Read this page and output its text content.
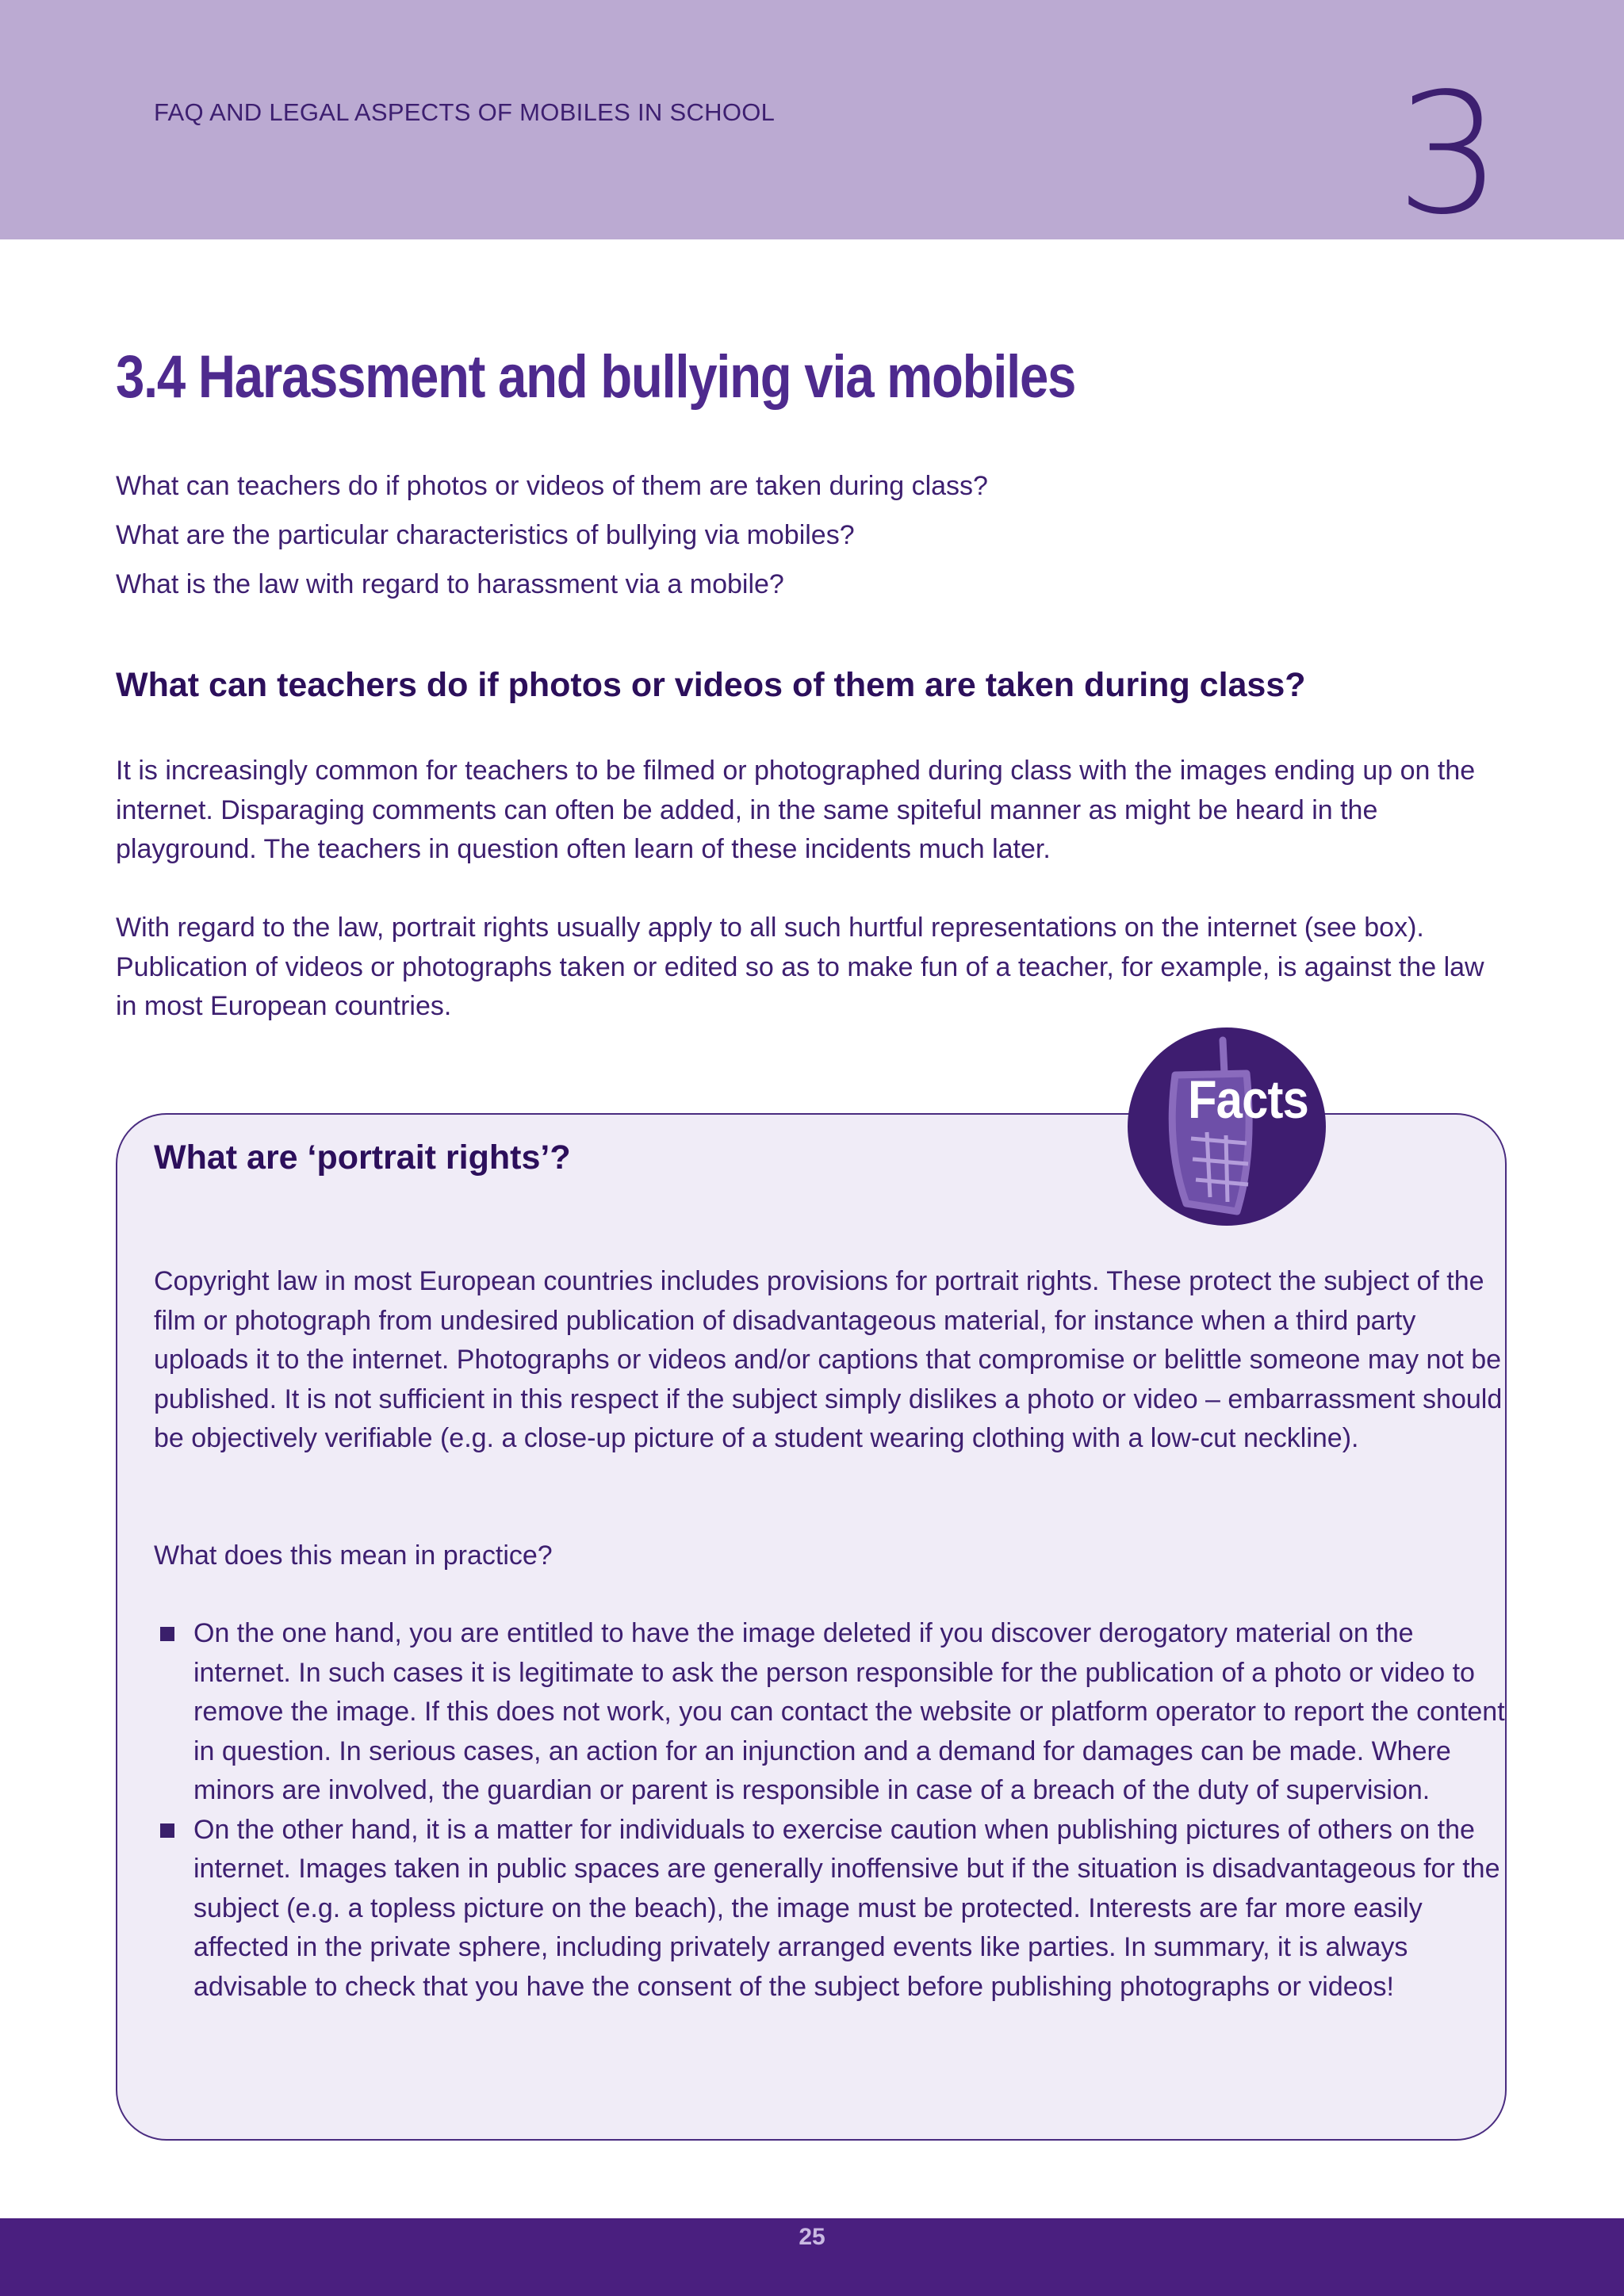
FAQ AND LEGAL ASPECTS OF MOBILES IN SCHOOL	3
3.4 Harassment and bullying via mobiles
What can teachers do if photos or videos of them are taken during class?
What are the particular characteristics of bullying via mobiles?
What is the law with regard to harassment via a mobile?
What can teachers do if photos or videos of them are taken during class?

It is increasingly common for teachers to be filmed or photographed during class with the images ending up on the internet. Disparaging comments can often be added, in the same spiteful manner as might be heard in the playground. The teachers in question often learn of these incidents much later.

With regard to the law, portrait rights usually apply to all such hurtful representations on the internet (see box). Publication of videos or photographs taken or edited so as to make fun of a teacher, for example, is against the law in most European countries.

Facts
What are ‘portrait rights’?

Copyright law in most European countries includes provisions for portrait rights. These protect the subject of the film or photograph from undesired publication of disadvantageous material, for instance when a third party uploads it to the internet. Photographs or videos and/or captions that compromise or belittle someone may not be published. It is not sufficient in this respect if the subject simply dislikes a photo or video – embarrassment should be objectively verifiable (e.g. a close-up picture of a student wearing clothing with a low-cut neckline).

What does this mean in practice?

On the one hand, you are entitled to have the image deleted if you discover derogatory material on the internet. In such cases it is legitimate to ask the person responsible for the publication of a photo or video to remove the image. If this does not work, you can contact the website or platform operator to report the content in question. In serious cases, an action for an injunction and a demand for damages can be made. Where minors are involved, the guardian or parent is responsible in case of a breach of the duty of supervision.
On the other hand, it is a matter for individuals to exercise caution when publishing pictures of others on the internet. Images taken in public spaces are generally inoffensive but if the situation is disadvantageous for the subject (e.g. a topless picture on the beach), the image must be protected. Interests are far more easily affected in the private sphere, including privately arranged events like parties. In summary, it is always advisable to check that you have the consent of the subject before publishing photographs or videos!
25
